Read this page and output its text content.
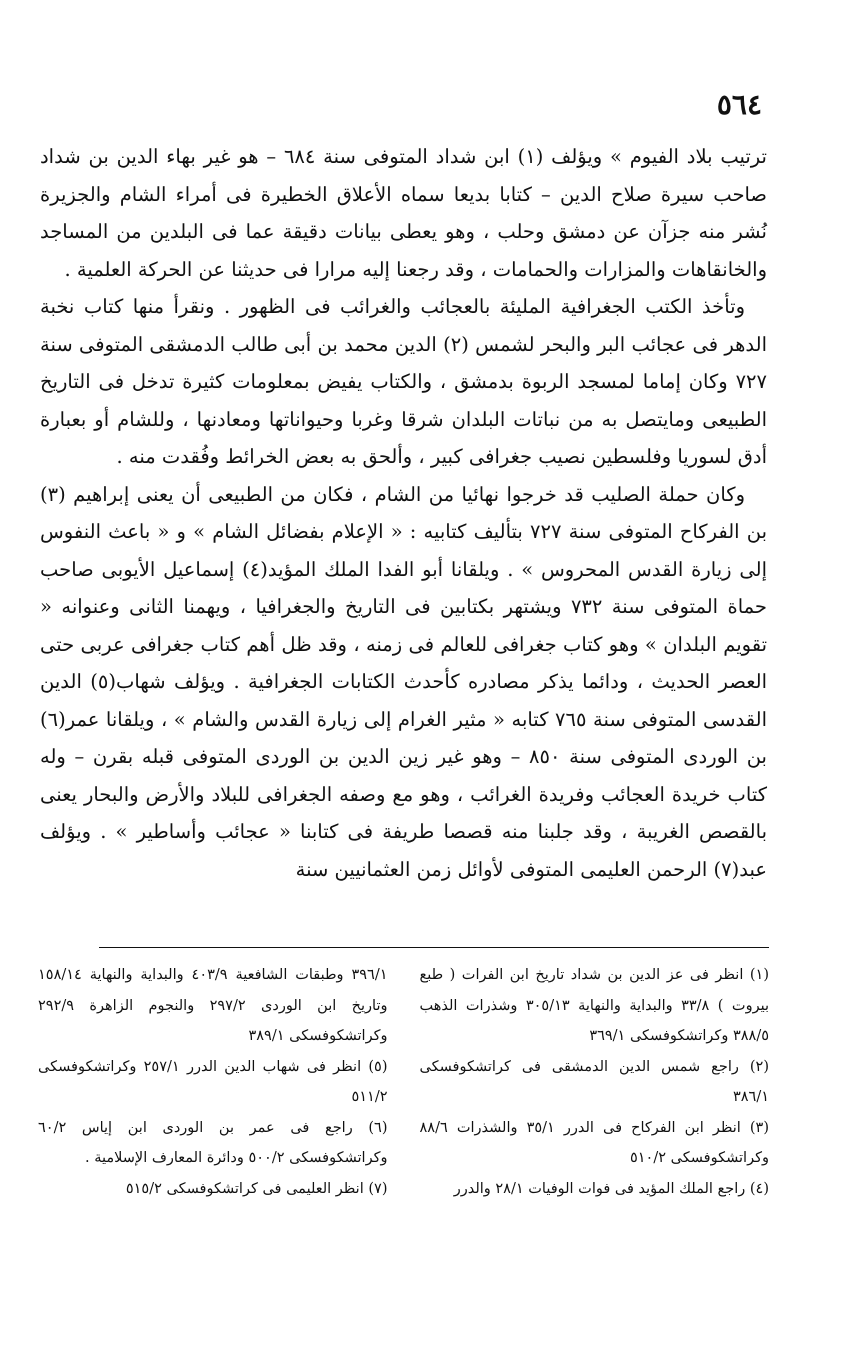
٥٦٤

ترتيب بلاد الفيوم » ويؤلف (١) ابن شداد المتوفى سنة ٦٨٤ – هو غير بهاء الدين بن شداد صاحب سيرة صلاح الدين – كتابا بديعا سماه الأعلاق الخطيرة فى أمراء الشام والجزيرة نُشر منه جزآن عن دمشق وحلب ، وهو يعطى بيانات دقيقة عما فى البلدين من المساجد والخانقاهات والمزارات والحمامات ، وقد رجعنا إليه مرارا فى حديثنا عن الحركة العلمية .

وتأخذ الكتب الجغرافية المليئة بالعجائب والغرائب فى الظهور . ونقرأ منها كتاب نخبة الدهر فى عجائب البر والبحر لشمس (٢) الدين محمد بن أبى طالب الدمشقى المتوفى سنة ٧٢٧ وكان إماما لمسجد الربوة بدمشق ، والكتاب يفيض بمعلومات كثيرة تدخل فى التاريخ الطبيعى ومايتصل به من نباتات البلدان شرقا وغربا وحيواناتها ومعادنها ، وللشام أو بعبارة أدق لسوريا وفلسطين نصيب جغرافى كبير ، وألحق به بعض الخرائط وفُقدت منه .

وكان حملة الصليب قد خرجوا نهائيا من الشام ، فكان من الطبيعى أن يعنى إبراهيم (٣) بن الفركاح المتوفى سنة ٧٢٧ بتأليف كتابيه : « الإعلام بفضائل الشام » و « باعث النفوس إلى زيارة القدس المحروس » . ويلقانا أبو الفدا الملك المؤيد(٤) إسماعيل الأيوبى صاحب حماة المتوفى سنة ٧٣٢ ويشتهر بكتابين فى التاريخ والجغرافيا ، ويهمنا الثانى وعنوانه « تقويم البلدان » وهو كتاب جغرافى للعالم فى زمنه ، وقد ظل أهم كتاب جغرافى عربى حتى العصر الحديث ، ودائما يذكر مصادره كأحدث الكتابات الجغرافية . ويؤلف شهاب(٥) الدين القدسى المتوفى سنة ٧٦٥ كتابه « مثير الغرام إلى زيارة القدس والشام » ، ويلقانا عمر(٦) بن الوردى المتوفى سنة ٨٥٠ – وهو غير زين الدين بن الوردى المتوفى قبله بقرن – وله كتاب خريدة العجائب وفريدة الغرائب ، وهو مع وصفه الجغرافى للبلاد والأرض والبحار يعنى بالقصص الغريبة ، وقد جلبنا منه قصصا طريفة فى كتابنا « عجائب وأساطير » . ويؤلف عبد(٧) الرحمن العليمى المتوفى لأوائل زمن العثمانيين سنة

(١) انظر فى عز الدين بن شداد تاريخ ابن الفرات ( طبع بيروت ) ٣٣/٨ والبداية والنهاية ٣٠٥/١٣ وشذرات الذهب ٣٨٨/٥ وكراتشكوفسكى ٣٦٩/١

(٢) راجع شمس الدين الدمشقى فى كراتشكوفسكى ٣٨٦/١

(٣) انظر ابن الفركاح فى الدرر ٣٥/١ والشذرات ٨٨/٦ وكراتشكوفسكى ٥١٠/٢

(٤) راجع الملك المؤيد فى فوات الوفيات ٢٨/١ والدرر

٣٩٦/١ وطبقات الشافعية ٤٠٣/٩ والبداية والنهاية ١٥٨/١٤ وتاريخ ابن الوردى ٢٩٧/٢ والنجوم الزاهرة ٢٩٢/٩ وكراتشكوفسكى ٣٨٩/١

(٥) انظر فى شهاب الدين الدرر ٢٥٧/١ وكراتشكوفسكى ٥١١/٢

(٦) راجع فى عمر بن الوردى ابن إياس ٦٠/٢ وكراتشكوفسكى ٥٠٠/٢ ودائرة المعارف الإسلامية .

(٧) انظر العليمى فى كراتشكوفسكى ٥١٥/٢
